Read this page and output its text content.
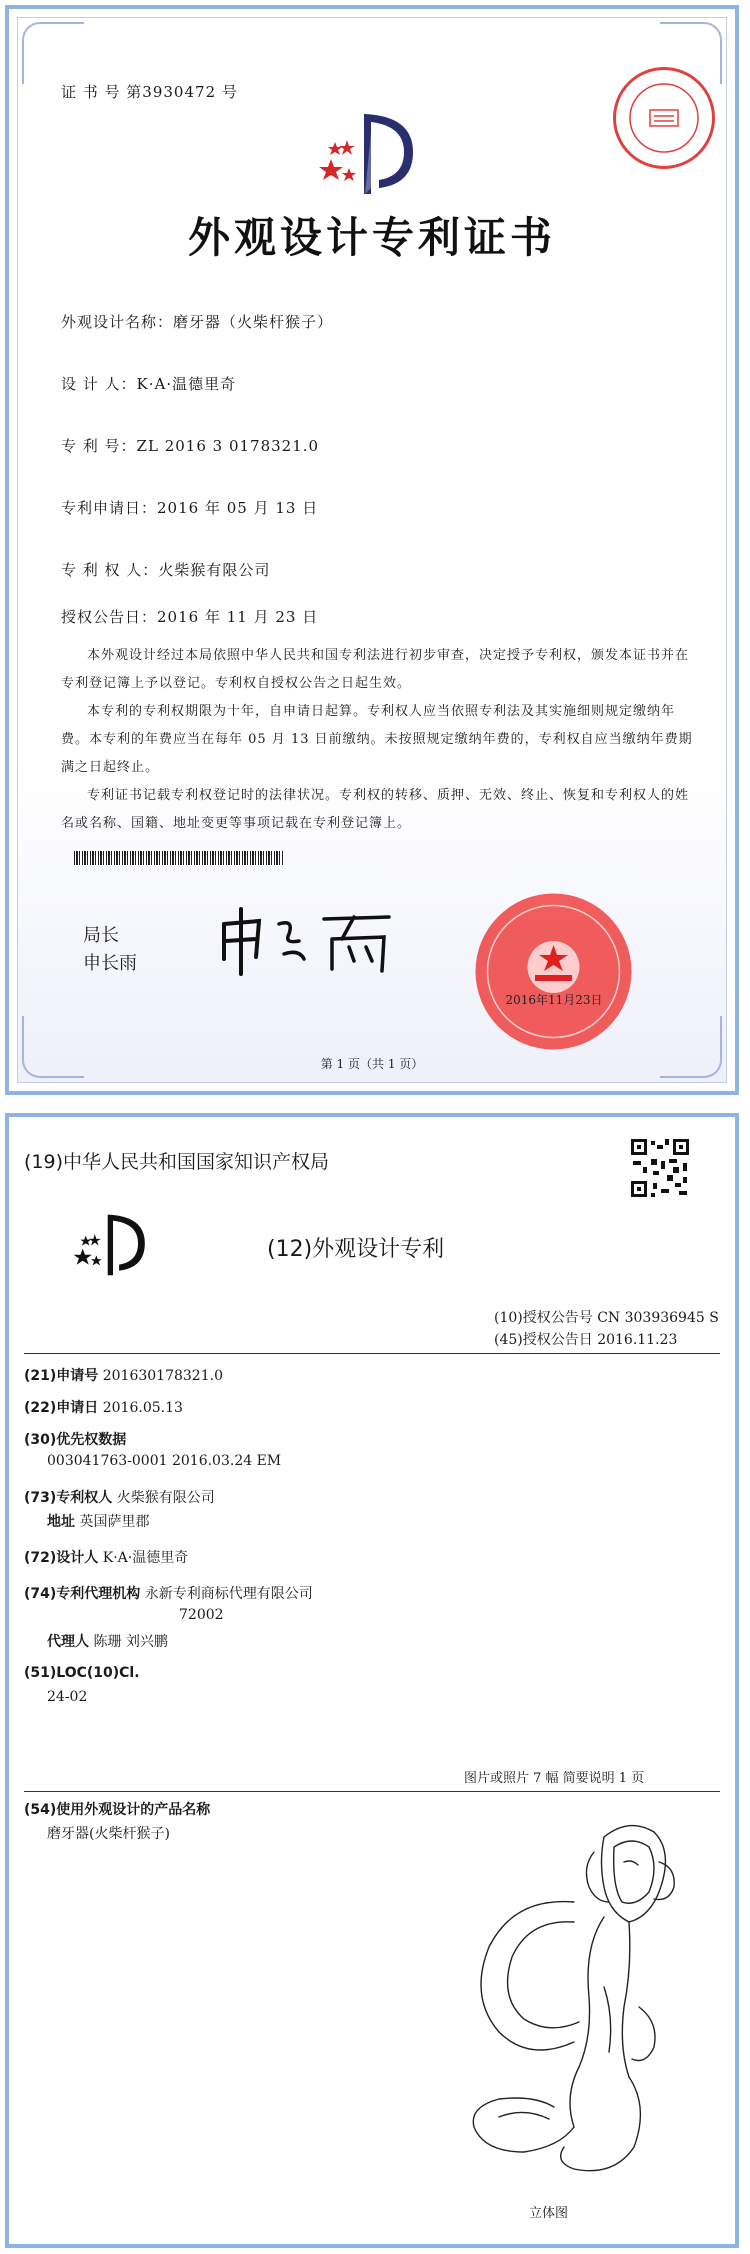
证 书 号 第3930472 号
外观设计专利证书
外观设计名称：磨牙器（火柴杆猴子）
设 计 人：K·A·温德里奇
专 利 号：ZL 2016 3 0178321.0
专利申请日：2016 年 05 月 13 日
专 利 权 人：火柴猴有限公司
授权公告日：2016 年 11 月 23 日

本外观设计经过本局依照中华人民共和国专利法进行初步审查，决定授予专利权，颁发本证书并在专利登记簿上予以登记。专利权自授权公告之日起生效。

本专利的专利权期限为十年，自申请日起算。专利权人应当依照专利法及其实施细则规定缴纳年费。本专利的年费应当在每年 05 月 13 日前缴纳。未按照规定缴纳年费的，专利权自应当缴纳年费期满之日起终止。

专利证书记载专利权登记时的法律状况。专利权的转移、质押、无效、终止、恢复和专利权人的姓名或名称、国籍、地址变更等事项记载在专利登记簿上。

局长
申长雨
2016年11月23日
第 1 页（共 1 页）
(19)中华人民共和国国家知识产权局
(12)外观设计专利
(10)授权公告号 CN 303936945 S
(45)授权公告日 2016.11.23
(21)申请号 201630178321.0
(22)申请日 2016.05.13
(30)优先权数据
003041763-0001 2016.03.24 EM
(73)专利权人 火柴猴有限公司
地址 英国萨里郡
(72)设计人 K·A·温德里奇
(74)专利代理机构 永新专利商标代理有限公司
72002
代理人 陈珊 刘兴鹏
(51)LOC(10)Cl.
24-02
图片或照片 7 幅 简要说明 1 页
(54)使用外观设计的产品名称
磨牙器(火柴杆猴子)
立体图
